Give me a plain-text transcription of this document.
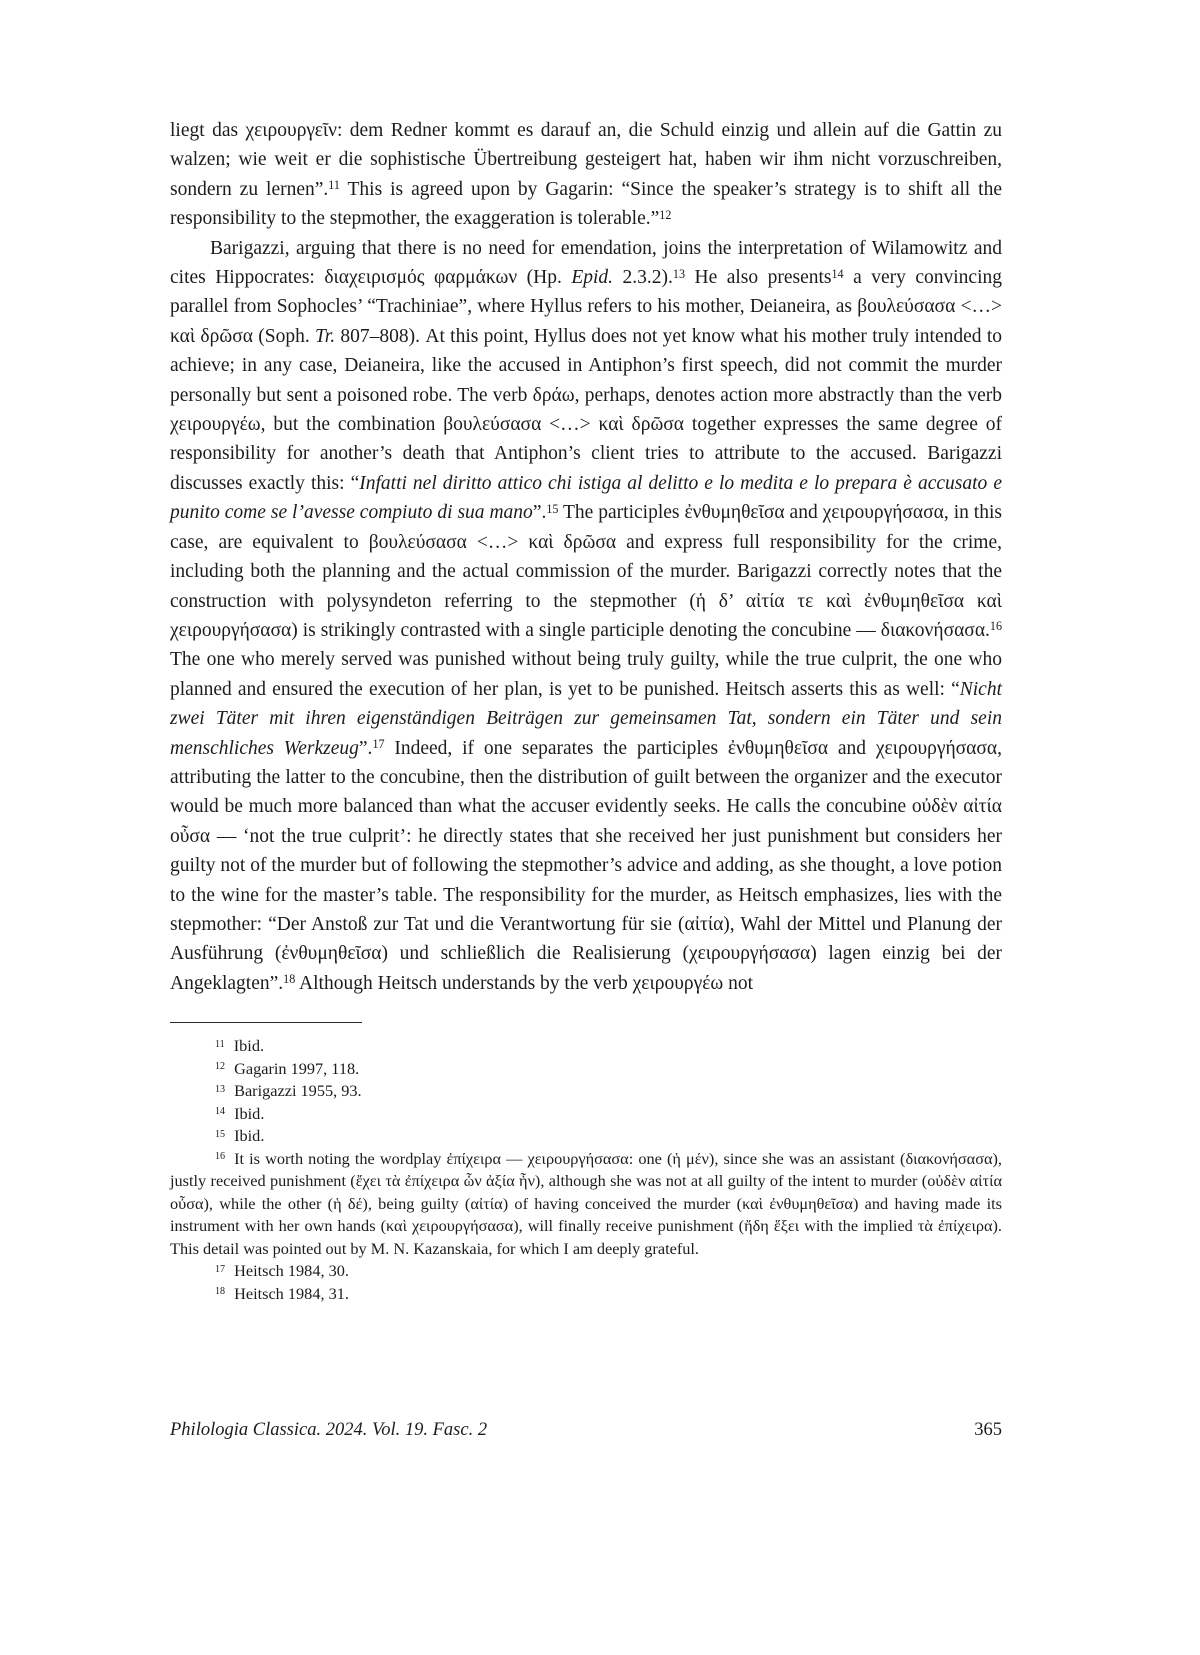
liegt das χειρουργεῖν: dem Redner kommt es darauf an, die Schuld einzig und allein auf die Gattin zu walzen; wie weit er die sophistische Übertreibung gesteigert hat, haben wir ihm nicht vorzuschreiben, sondern zu lernen”.$^{11}$ This is agreed upon by Gagarin: “Since the speaker’s strategy is to shift all the responsibility to the stepmother, the exaggeration is tolerable.”$^{12}$

Barigazzi, arguing that there is no need for emendation, joins the interpretation of Wilamowitz and cites Hippocrates: διαχειρισμός φαρμάκων (Hp. Epid. 2.3.2).$^{13}$ He also presents$^{14}$ a very convincing parallel from Sophocles’ “Trachiniae”, where Hyllus refers to his mother, Deianeira, as βουλεύσασα <…> καὶ δρῶσα (Soph. Tr. 807–808). At this point, Hyllus does not yet know what his mother truly intended to achieve; in any case, Deianeira, like the accused in Antiphon’s first speech, did not commit the murder personally but sent a poisoned robe. The verb δράω, perhaps, denotes action more abstractly than the verb χειρουργέω, but the combination βουλεύσασα <…> καὶ δρῶσα together expresses the same degree of responsibility for another’s death that Antiphon’s client tries to attribute to the accused. Barigazzi discusses exactly this: “Infatti nel diritto attico chi istiga al delitto e lo medita e lo prepara è accusato e punito come se l’avesse compiuto di sua mano”.$^{15}$ The participles ἐνθυμηθεῖσα and χειρουργήσασα, in this case, are equivalent to βουλεύσασα <…> καὶ δρῶσα and express full responsibility for the crime, including both the planning and the actual commission of the murder. Barigazzi correctly notes that the construction with polysyndeton referring to the stepmother (ἡ δ’ αἰτία τε καὶ ἐνθυμηθεῖσα καὶ χειρουργήσασα) is strikingly contrasted with a single participle denoting the concubine — διακονήσασα.$^{16}$ The one who merely served was punished without being truly guilty, while the true culprit, the one who planned and ensured the execution of her plan, is yet to be punished. Heitsch asserts this as well: “Nicht zwei Täter mit ihren eigenständigen Beiträgen zur gemeinsamen Tat, sondern ein Täter und sein menschliches Werkzeug”.$^{17}$ Indeed, if one separates the participles ἐνθυμηθεῖσα and χειρουργήσασα, attributing the latter to the concubine, then the distribution of guilt between the organizer and the executor would be much more balanced than what the accuser evidently seeks. He calls the concubine οὐδὲν αἰτία οὖσα — ‘not the true culprit’: he directly states that she received her just punishment but considers her guilty not of the murder but of following the stepmother’s advice and adding, as she thought, a love potion to the wine for the master’s table. The responsibility for the murder, as Heitsch emphasizes, lies with the stepmother: “Der Anstoß zur Tat und die Verantwortung für sie (αἰτία), Wahl der Mittel und Planung der Ausführung (ἐνθυμηθεῖσα) und schließlich die Realisierung (χειρουργήσασα) lagen einzig bei der Angeklagten”.$^{18}$ Although Heitsch understands by the verb χειρουργέω not

$^{11}$ Ibid.

$^{12}$ Gagarin 1997, 118.

$^{13}$ Barigazzi 1955, 93.

$^{14}$ Ibid.

$^{15}$ Ibid.

$^{16}$ It is worth noting the wordplay ἐπίχειρα — χειρουργήσασα: one (ἡ μέν), since she was an assistant (διακονήσασα), justly received punishment (ἔχει τὰ ἐπίχειρα ὧν ἀξία ἦν), although she was not at all guilty of the intent to murder (οὐδὲν αἰτία οὖσα), while the other (ἡ δέ), being guilty (αἰτία) of having conceived the murder (καὶ ἐνθυμηθεῖσα) and having made its instrument with her own hands (καὶ χειρουργήσασα), will finally receive punishment (ἤδη ἕξει with the implied τὰ ἐπίχειρα). This detail was pointed out by M. N. Kazanskaia, for which I am deeply grateful.

$^{17}$ Heitsch 1984, 30.

$^{18}$ Heitsch 1984, 31.

Philologia Classica. 2024. Vol. 19. Fasc. 2	365
